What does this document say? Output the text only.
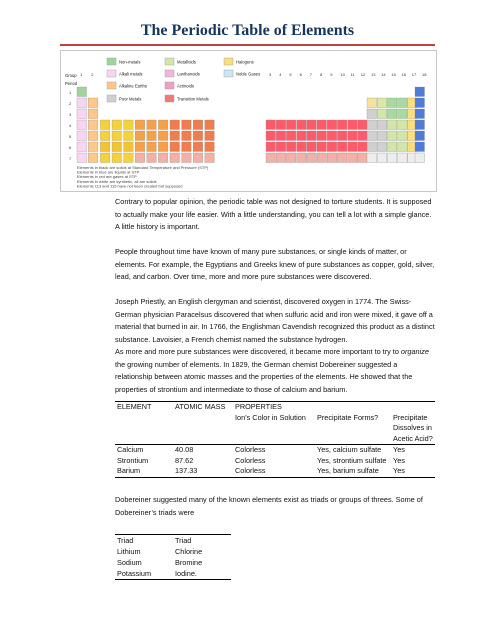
The Periodic Table of Elements
Non-metals	Metalloids	Halogens
Alkali metals	Lanthanoids	Noble Gases
Alkaline Earths	Actinoids
Poor Metals	Transition Metals
Group
Period
1 2	3 4 5 6 7 8 9 10 11 12 13 14 15 16 17 18
1
2
3
4
5
6
7
Elements in black are solids at Standard Temperature and Pressure (STP)
Elements in blue are liquids at STP
Elements in red are gases at STP
Elements in white are synthetic, all are solids
Elements 113 and 115 have not been created but supposed

Contrary to popular opinion, the periodic table was not designed to torture students. It is supposed to actually make your life easier. With a little understanding, you can tell a lot with a simple glance. A little history is important.

People throughout time have known of many pure substances, or single kinds of matter, or elements. For example, the Egyptians and Greeks knew of pure substances as copper, gold, silver, lead, and carbon. Over time, more and more pure substances were discovered.

Joseph Priestly, an English clergyman and scientist, discovered oxygen in 1774. The Swiss-German physician Paracelsus discovered that when sulfuric acid and iron were mixed, it gave off a material that burned in air. In 1766, the Englishman Cavendish recognized this product as a distinct substance. Lavoisier, a French chemist named the substance hydrogen.

As more and more pure substances were discovered, it became more important to try to organize the growing number of elements. In 1829, the German chemist Dobereiner suggested a relationship between atomic masses and the properties of the elements. He showed that the properties of strontium and intermediate to those of calcium and barium.

ELEMENT	ATOMIC MASS	PROPERTIES		
		Ion’s Color in Solution	Precipitate Forms?	Precipitate Dissolves in Acetic Acid?
Calcium	40.08	Colorless	Yes, calcium sulfate	Yes
Strontium	87.62	Colorless	Yes, strontium sulfate	Yes
Barium	137.33	Colorless	Yes, barium sulfate	Yes

Dobereiner suggested many of the known elements exist as triads or groups of threes. Some of Dobereiner’s triads were

Triad	Triad
Lithium	Chlorine
Sodium	Bromine
Potassium	Iodine.
